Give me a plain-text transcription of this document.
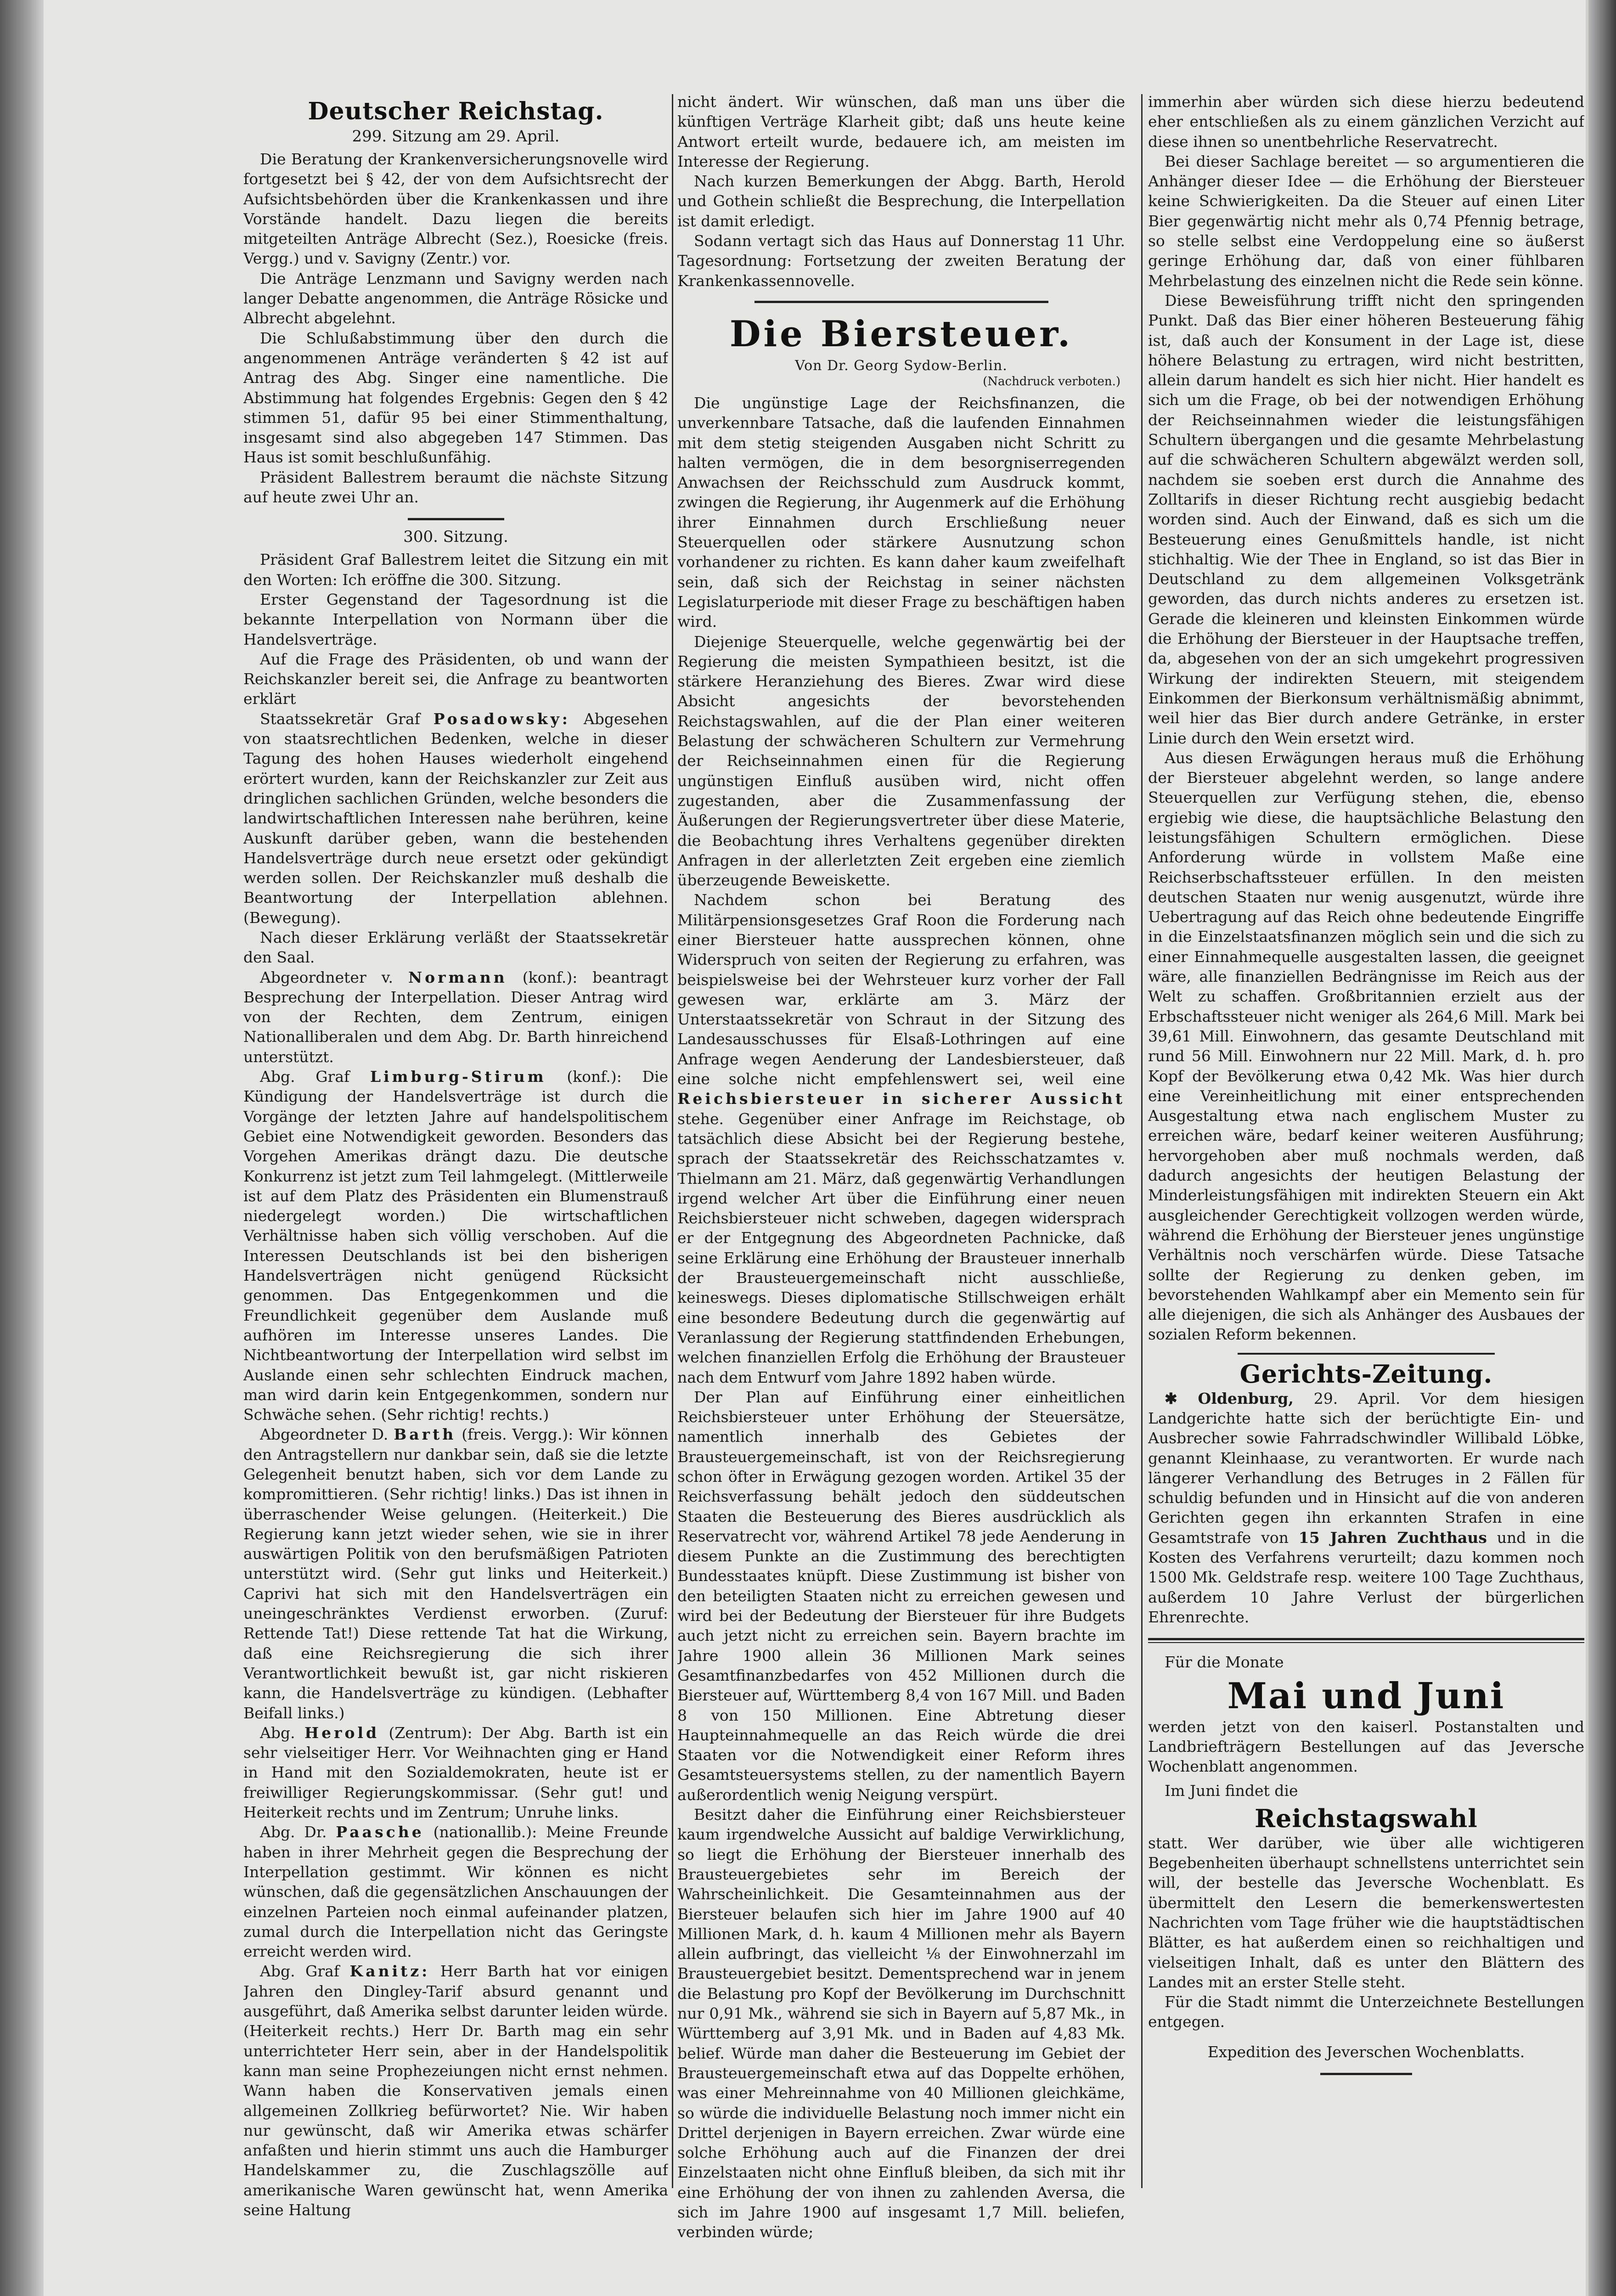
Deutscher Reichstag.
299. Sitzung am 29. April.

Die Beratung der Krankenversicherungsnovelle wird fortgesetzt bei § 42, der von dem Aufsichtsrecht der Aufsichtsbehörden über die Krankenkassen und ihre Vorstände handelt. Dazu liegen die bereits mitgeteilten Anträge Albrecht (Sez.), Roesicke (freis. Vergg.) und v. Savigny (Zentr.) vor.

Die Anträge Lenzmann und Savigny werden nach langer Debatte angenommen, die Anträge Rösicke und Albrecht abgelehnt.

Die Schlußabstimmung über den durch die angenommenen Anträge veränderten § 42 ist auf Antrag des Abg. Singer eine namentliche. Die Abstimmung hat folgendes Ergebnis: Gegen den § 42 stimmen 51, dafür 95 bei einer Stimmenthaltung, insgesamt sind also abgegeben 147 Stimmen. Das Haus ist somit beschlußunfähig.

Präsident Ballestrem beraumt die nächste Sitzung auf heute zwei Uhr an.

300. Sitzung.

Präsident Graf Ballestrem leitet die Sitzung ein mit den Worten: Ich eröffne die 300. Sitzung.

Erster Gegenstand der Tagesordnung ist die bekannte Interpellation von Normann über die Handelsverträge.

Auf die Frage des Präsidenten, ob und wann der Reichskanzler bereit sei, die Anfrage zu beantworten erklärt

Staatssekretär Graf Posadowsky: Abgesehen von staatsrechtlichen Bedenken, welche in dieser Tagung des hohen Hauses wiederholt eingehend erörtert wurden, kann der Reichskanzler zur Zeit aus dringlichen sachlichen Gründen, welche besonders die landwirtschaftlichen Interessen nahe berühren, keine Auskunft darüber geben, wann die bestehenden Handelsverträge durch neue ersetzt oder gekündigt werden sollen. Der Reichskanzler muß deshalb die Beantwortung der Interpellation ablehnen. (Bewegung).

Nach dieser Erklärung verläßt der Staatssekretär den Saal.

Abgeordneter v. Normann (konf.): beantragt Besprechung der Interpellation. Dieser Antrag wird von der Rechten, dem Zentrum, einigen Nationalliberalen und dem Abg. Dr. Barth hinreichend unterstützt.

Abg. Graf Limburg-Stirum (konf.): Die Kündigung der Handelsverträge ist durch die Vorgänge der letzten Jahre auf handelspolitischem Gebiet eine Notwendigkeit geworden. Besonders das Vorgehen Amerikas drängt dazu. Die deutsche Konkurrenz ist jetzt zum Teil lahmgelegt. (Mittlerweile ist auf dem Platz des Präsidenten ein Blumenstrauß niedergelegt worden.) Die wirtschaftlichen Verhältnisse haben sich völlig verschoben. Auf die Interessen Deutschlands ist bei den bisherigen Handelsverträgen nicht genügend Rücksicht genommen. Das Entgegenkommen und die Freundlichkeit gegenüber dem Auslande muß aufhören im Interesse unseres Landes. Die Nichtbeantwortung der Interpellation wird selbst im Auslande einen sehr schlechten Eindruck machen, man wird darin kein Entgegenkommen, sondern nur Schwäche sehen. (Sehr richtig! rechts.)

Abgeordneter D. Barth (freis. Vergg.): Wir können den Antragstellern nur dankbar sein, daß sie die letzte Gelegenheit benutzt haben, sich vor dem Lande zu kompromittieren. (Sehr richtig! links.) Das ist ihnen in überraschender Weise gelungen. (Heiterkeit.) Die Regierung kann jetzt wieder sehen, wie sie in ihrer auswärtigen Politik von den berufsmäßigen Patrioten unterstützt wird. (Sehr gut links und Heiterkeit.) Caprivi hat sich mit den Handelsverträgen ein uneingeschränktes Verdienst erworben. (Zuruf: Rettende Tat!) Diese rettende Tat hat die Wirkung, daß eine Reichsregierung die sich ihrer Verantwortlichkeit bewußt ist, gar nicht riskieren kann, die Handelsverträge zu kündigen. (Lebhafter Beifall links.)

Abg. Herold (Zentrum): Der Abg. Barth ist ein sehr vielseitiger Herr. Vor Weihnachten ging er Hand in Hand mit den Sozialdemokraten, heute ist er freiwilliger Regierungskommissar. (Sehr gut! und Heiterkeit rechts und im Zentrum; Unruhe links.

Abg. Dr. Paasche (nationallib.): Meine Freunde haben in ihrer Mehrheit gegen die Besprechung der Interpellation gestimmt. Wir können es nicht wünschen, daß die gegensätzlichen Anschauungen der einzelnen Parteien noch einmal aufeinander platzen, zumal durch die Interpellation nicht das Geringste erreicht werden wird.

Abg. Graf Kanitz: Herr Barth hat vor einigen Jahren den Dingley-Tarif absurd genannt und ausgeführt, daß Amerika selbst darunter leiden würde. (Heiterkeit rechts.) Herr Dr. Barth mag ein sehr unterrichteter Herr sein, aber in der Handelspolitik kann man seine Prophezeiungen nicht ernst nehmen. Wann haben die Konservativen jemals einen allgemeinen Zollkrieg befürwortet? Nie. Wir haben nur gewünscht, daß wir Amerika etwas schärfer anfaßten und hierin stimmt uns auch die Hamburger Handelskammer zu, die Zuschlagszölle auf amerikanische Waren gewünscht hat, wenn Amerika seine Haltung

nicht ändert. Wir wünschen, daß man uns über die künftigen Verträge Klarheit gibt; daß uns heute keine Antwort erteilt wurde, bedauere ich, am meisten im Interesse der Regierung.

Nach kurzen Bemerkungen der Abgg. Barth, Herold und Gothein schließt die Besprechung, die Interpellation ist damit erledigt.

Sodann vertagt sich das Haus auf Donnerstag 11 Uhr. Tagesordnung: Fortsetzung der zweiten Beratung der Krankenkassennovelle.

Die Biersteuer.
Von Dr. Georg Sydow-Berlin.
(Nachdruck verboten.)

Die ungünstige Lage der Reichsfinanzen, die unverkennbare Tatsache, daß die laufenden Einnahmen mit dem stetig steigenden Ausgaben nicht Schritt zu halten vermögen, die in dem besorgniserregenden Anwachsen der Reichsschuld zum Ausdruck kommt, zwingen die Regierung, ihr Augenmerk auf die Erhöhung ihrer Einnahmen durch Erschließung neuer Steuerquellen oder stärkere Ausnutzung schon vorhandener zu richten. Es kann daher kaum zweifelhaft sein, daß sich der Reichstag in seiner nächsten Legislaturperiode mit dieser Frage zu beschäftigen haben wird.

Diejenige Steuerquelle, welche gegenwärtig bei der Regierung die meisten Sympathieen besitzt, ist die stärkere Heranziehung des Bieres. Zwar wird diese Absicht angesichts der bevorstehenden Reichstagswahlen, auf die der Plan einer weiteren Belastung der schwächeren Schultern zur Vermehrung der Reichseinnahmen einen für die Regierung ungünstigen Einfluß ausüben wird, nicht offen zugestanden, aber die Zusammenfassung der Äußerungen der Regierungsvertreter über diese Materie, die Beobachtung ihres Verhaltens gegenüber direkten Anfragen in der allerletzten Zeit ergeben eine ziemlich überzeugende Beweiskette.

Nachdem schon bei Beratung des Militärpensionsgesetzes Graf Roon die Forderung nach einer Biersteuer hatte aussprechen können, ohne Widerspruch von seiten der Regierung zu erfahren, was beispielsweise bei der Wehrsteuer kurz vorher der Fall gewesen war, erklärte am 3. März der Unterstaatssekretär von Schraut in der Sitzung des Landesausschusses für Elsaß-Lothringen auf eine Anfrage wegen Aenderung der Landesbiersteuer, daß eine solche nicht empfehlenswert sei, weil eine Reichsbiersteuer in sicherer Aussicht stehe. Gegenüber einer Anfrage im Reichstage, ob tatsächlich diese Absicht bei der Regierung bestehe, sprach der Staatssekretär des Reichsschatzamtes v. Thielmann am 21. März, daß gegenwärtig Verhandlungen irgend welcher Art über die Einführung einer neuen Reichsbiersteuer nicht schweben, dagegen widersprach er der Entgegnung des Abgeordneten Pachnicke, daß seine Erklärung eine Erhöhung der Brausteuer innerhalb der Brausteuergemeinschaft nicht ausschließe, keineswegs. Dieses diplomatische Stillschweigen erhält eine besondere Bedeutung durch die gegenwärtig auf Veranlassung der Regierung stattfindenden Erhebungen, welchen finanziellen Erfolg die Erhöhung der Brausteuer nach dem Entwurf vom Jahre 1892 haben würde.

Der Plan auf Einführung einer einheitlichen Reichsbiersteuer unter Erhöhung der Steuersätze, namentlich innerhalb des Gebietes der Brausteuergemeinschaft, ist von der Reichsregierung schon öfter in Erwägung gezogen worden. Artikel 35 der Reichsverfassung behält jedoch den süddeutschen Staaten die Besteuerung des Bieres ausdrücklich als Reservatrecht vor, während Artikel 78 jede Aenderung in diesem Punkte an die Zustimmung des berechtigten Bundesstaates knüpft. Diese Zustimmung ist bisher von den beteiligten Staaten nicht zu erreichen gewesen und wird bei der Bedeutung der Biersteuer für ihre Budgets auch jetzt nicht zu erreichen sein. Bayern brachte im Jahre 1900 allein 36 Millionen Mark seines Gesamtfinanzbedarfes von 452 Millionen durch die Biersteuer auf, Württemberg 8,4 von 167 Mill. und Baden 8 von 150 Millionen. Eine Abtretung dieser Haupteinnahmequelle an das Reich würde die drei Staaten vor die Notwendigkeit einer Reform ihres Gesamtsteuersystems stellen, zu der namentlich Bayern außerordentlich wenig Neigung verspürt.

Besitzt daher die Einführung einer Reichsbiersteuer kaum irgendwelche Aussicht auf baldige Verwirklichung, so liegt die Erhöhung der Biersteuer innerhalb des Brausteuergebietes sehr im Bereich der Wahrscheinlichkeit. Die Gesamteinnahmen aus der Biersteuer belaufen sich hier im Jahre 1900 auf 40 Millionen Mark, d. h. kaum 4 Millionen mehr als Bayern allein aufbringt, das vielleicht ⅛ der Einwohnerzahl im Brausteuergebiet besitzt. Dementsprechend war in jenem die Belastung pro Kopf der Bevölkerung im Durchschnitt nur 0,91 Mk., während sie sich in Bayern auf 5,87 Mk., in Württemberg auf 3,91 Mk. und in Baden auf 4,83 Mk. belief. Würde man daher die Besteuerung im Gebiet der Brausteuergemeinschaft etwa auf das Doppelte erhöhen, was einer Mehreinnahme von 40 Millionen gleichkäme, so würde die individuelle Belastung noch immer nicht ein Drittel derjenigen in Bayern erreichen. Zwar würde eine solche Erhöhung auch auf die Finanzen der drei Einzelstaaten nicht ohne Einfluß bleiben, da sich mit ihr eine Erhöhung der von ihnen zu zahlenden Aversa, die sich im Jahre 1900 auf insgesamt 1,7 Mill. beliefen, verbinden würde;

immerhin aber würden sich diese hierzu bedeutend eher entschließen als zu einem gänzlichen Verzicht auf diese ihnen so unentbehrliche Reservatrecht.

Bei dieser Sachlage bereitet — so argumentieren die Anhänger dieser Idee — die Erhöhung der Biersteuer keine Schwierigkeiten. Da die Steuer auf einen Liter Bier gegenwärtig nicht mehr als 0,74 Pfennig betrage, so stelle selbst eine Verdoppelung eine so äußerst geringe Erhöhung dar, daß von einer fühlbaren Mehrbelastung des einzelnen nicht die Rede sein könne.

Diese Beweisführung trifft nicht den springenden Punkt. Daß das Bier einer höheren Besteuerung fähig ist, daß auch der Konsument in der Lage ist, diese höhere Belastung zu ertragen, wird nicht bestritten, allein darum handelt es sich hier nicht. Hier handelt es sich um die Frage, ob bei der notwendigen Erhöhung der Reichseinnahmen wieder die leistungsfähigen Schultern übergangen und die gesamte Mehrbelastung auf die schwächeren Schultern abgewälzt werden soll, nachdem sie soeben erst durch die Annahme des Zolltarifs in dieser Richtung recht ausgiebig bedacht worden sind. Auch der Einwand, daß es sich um die Besteuerung eines Genußmittels handle, ist nicht stichhaltig. Wie der Thee in England, so ist das Bier in Deutschland zu dem allgemeinen Volksgetränk geworden, das durch nichts anderes zu ersetzen ist. Gerade die kleineren und kleinsten Einkommen würde die Erhöhung der Biersteuer in der Hauptsache treffen, da, abgesehen von der an sich umgekehrt progressiven Wirkung der indirekten Steuern, mit steigendem Einkommen der Bierkonsum verhältnismäßig abnimmt, weil hier das Bier durch andere Getränke, in erster Linie durch den Wein ersetzt wird.

Aus diesen Erwägungen heraus muß die Erhöhung der Biersteuer abgelehnt werden, so lange andere Steuerquellen zur Verfügung stehen, die, ebenso ergiebig wie diese, die hauptsächliche Belastung den leistungsfähigen Schultern ermöglichen. Diese Anforderung würde in vollstem Maße eine Reichserbschaftssteuer erfüllen. In den meisten deutschen Staaten nur wenig ausgenutzt, würde ihre Uebertragung auf das Reich ohne bedeutende Eingriffe in die Einzelstaatsfinanzen möglich sein und die sich zu einer Einnahmequelle ausgestalten lassen, die geeignet wäre, alle finanziellen Bedrängnisse im Reich aus der Welt zu schaffen. Großbritannien erzielt aus der Erbschaftssteuer nicht weniger als 264,6 Mill. Mark bei 39,61 Mill. Einwohnern, das gesamte Deutschland mit rund 56 Mill. Einwohnern nur 22 Mill. Mark, d. h. pro Kopf der Bevölkerung etwa 0,42 Mk. Was hier durch eine Vereinheitlichung mit einer entsprechenden Ausgestaltung etwa nach englischem Muster zu erreichen wäre, bedarf keiner weiteren Ausführung; hervorgehoben aber muß nochmals werden, daß dadurch angesichts der heutigen Belastung der Minderleistungsfähigen mit indirekten Steuern ein Akt ausgleichender Gerechtigkeit vollzogen werden würde, während die Erhöhung der Biersteuer jenes ungünstige Verhältnis noch verschärfen würde. Diese Tatsache sollte der Regierung zu denken geben, im bevorstehenden Wahlkampf aber ein Memento sein für alle diejenigen, die sich als Anhänger des Ausbaues der sozialen Reform bekennen.

Gerichts-Zeitung.

✱ Oldenburg, 29. April. Vor dem hiesigen Landgerichte hatte sich der berüchtigte Ein- und Ausbrecher sowie Fahrradschwindler Willibald Löbke, genannt Kleinhaase, zu verantworten. Er wurde nach längerer Verhandlung des Betruges in 2 Fällen für schuldig befunden und in Hinsicht auf die von anderen Gerichten gegen ihn erkannten Strafen in eine Gesamtstrafe von 15 Jahren Zuchthaus und in die Kosten des Verfahrens verurteilt; dazu kommen noch 1500 Mk. Geldstrafe resp. weitere 100 Tage Zuchthaus, außerdem 10 Jahre Verlust der bürgerlichen Ehrenrechte.

Für die Monate

Mai und Juni

werden jetzt von den kaiserl. Postanstalten und Landbriefträgern Bestellungen auf das Jeversche Wochenblatt angenommen.

Im Juni findet die

Reichstagswahl

statt. Wer darüber, wie über alle wichtigeren Begebenheiten überhaupt schnellstens unterrichtet sein will, der bestelle das Jeversche Wochenblatt. Es übermittelt den Lesern die bemerkenswertesten Nachrichten vom Tage früher wie die hauptstädtischen Blätter, es hat außerdem einen so reichhaltigen und vielseitigen Inhalt, daß es unter den Blättern des Landes mit an erster Stelle steht.

Für die Stadt nimmt die Unterzeichnete Bestellungen entgegen.

Expedition des Jeverschen Wochenblatts.
